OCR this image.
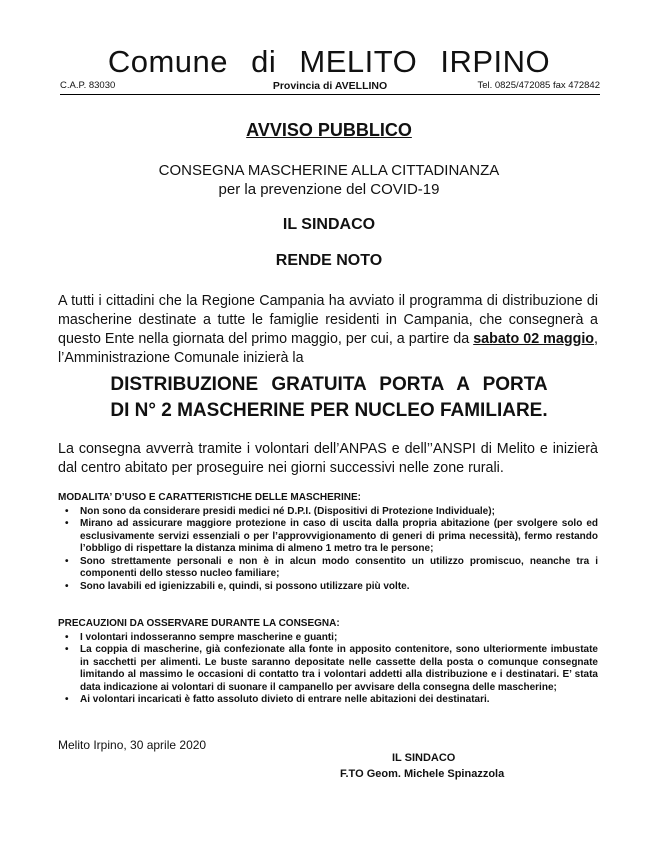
Comune di MELITO IRPINO
C.A.P. 83030	Provincia di AVELLINO	Tel. 0825/472085 fax 472842
AVVISO PUBBLICO
CONSEGNA MASCHERINE ALLA CITTADINANZA
per la prevenzione del COVID-19
IL SINDACO
RENDE NOTO
A tutti i cittadini che la Regione Campania ha avviato il programma di distribuzione di mascherine destinate a tutte le famiglie residenti in Campania, che consegnerà a questo Ente nella giornata del primo maggio, per cui, a partire da sabato 02 maggio, l’Amministrazione Comunale inizierà la
DISTRIBUZIONE GRATUITA PORTA A PORTA
DI N° 2 MASCHERINE PER NUCLEO FAMILIARE.
La consegna avverrà tramite i volontari dell’ANPAS e dell’’ANSPI di Melito e inizierà dal centro abitato per proseguire nei giorni successivi nelle zone rurali.
MODALITA’ D’USO E CARATTERISTICHE DELLE MASCHERINE:
• Non sono da considerare presidi medici né D.P.I. (Dispositivi di Protezione Individuale);
• Mirano ad assicurare maggiore protezione in caso di uscita dalla propria abitazione (per svolgere solo ed esclusivamente servizi essenziali o per l’approvvigionamento di generi di prima necessità), fermo restando l’obbligo di rispettare la distanza minima di almeno 1 metro tra le persone;
• Sono strettamente personali e non è in alcun modo consentito un utilizzo promiscuo, neanche tra i componenti dello stesso nucleo familiare;
• Sono lavabili ed igienizzabili e, quindi, si possono utilizzare più volte.
PRECAUZIONI DA OSSERVARE DURANTE LA CONSEGNA:
• I volontari indosseranno sempre mascherine e guanti;
• La coppia di mascherine, già confezionate alla fonte in apposito contenitore, sono ulteriormente imbustate in sacchetti per alimenti. Le buste saranno depositate nelle cassette della posta o comunque consegnate limitando al massimo le occasioni di contatto tra i volontari addetti alla distribuzione e i destinatari. E’ stata data indicazione ai volontari di suonare il campanello per avvisare della consegna delle mascherine;
• Ai volontari incaricati è fatto assoluto divieto di entrare nelle abitazioni dei destinatari.
Melito Irpino, 30 aprile 2020
IL SINDACO
F.TO Geom. Michele Spinazzola
